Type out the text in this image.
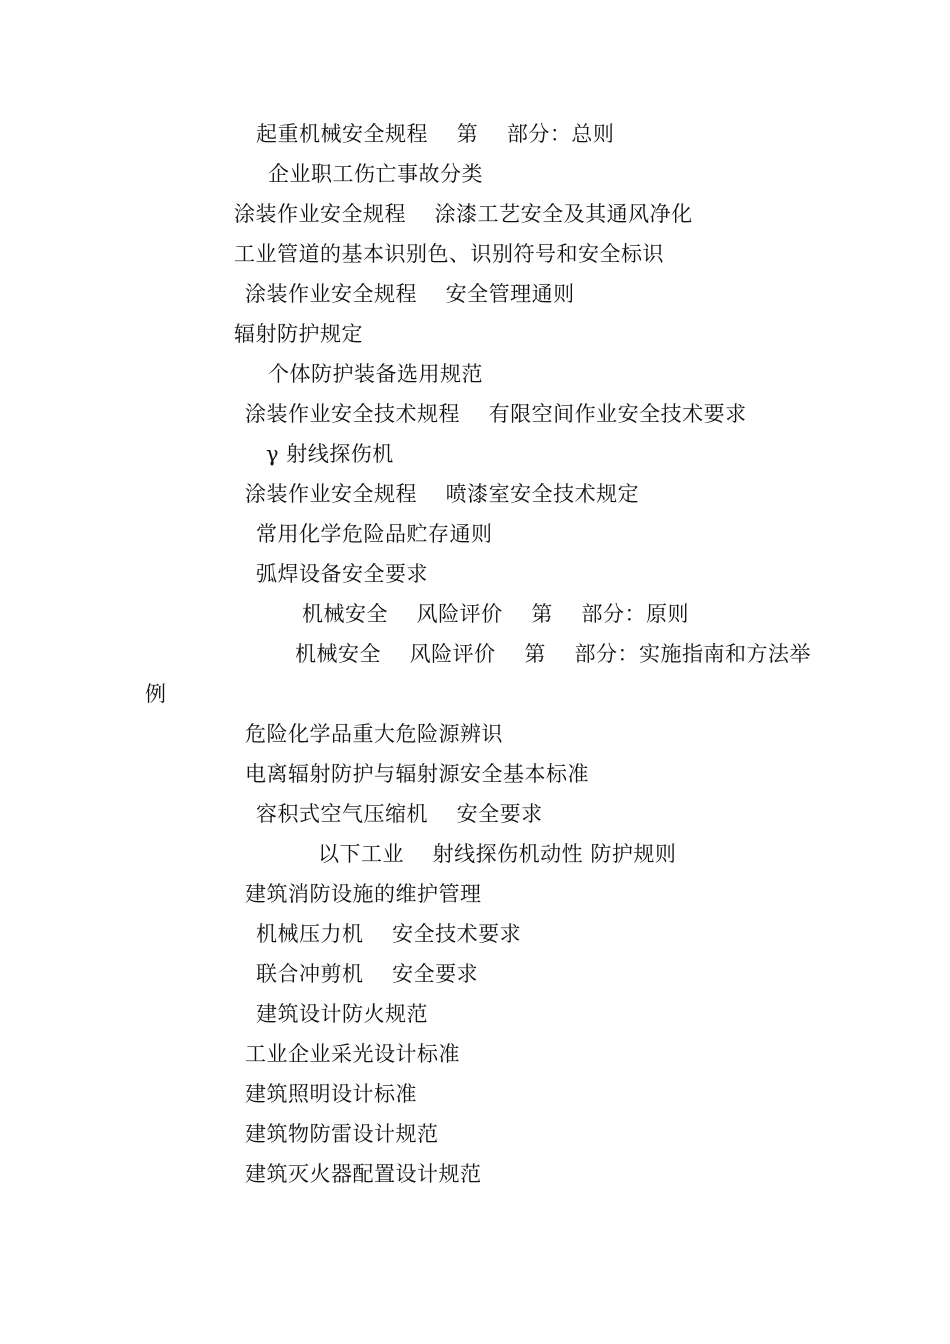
起重机械安全规程　 第　 部分：总则
企业职工伤亡事故分类
涂装作业安全规程　 涂漆工艺安全及其通风净化
工业管道的基本识别色、识别符号和安全标识
涂装作业安全规程　 安全管理通则
辐射防护规定
个体防护装备选用规范
涂装作业安全技术规程　 有限空间作业安全技术要求
γ 射线探伤机
涂装作业安全规程　 喷漆室安全技术规定
常用化学危险品贮存通则
弧焊设备安全要求
机械安全　 风险评价　 第　 部分：原则
机械安全　 风险评价　 第　 部分：实施指南和方法举
例
危险化学品重大危险源辨识
电离辐射防护与辐射源安全基本标准
容积式空气压缩机　 安全要求
以下工业　 射线探伤机动性 防护规则
建筑消防设施的维护管理
机械压力机　 安全技术要求
联合冲剪机　 安全要求
建筑设计防火规范
工业企业采光设计标准
建筑照明设计标准
建筑物防雷设计规范
建筑灭火器配置设计规范
